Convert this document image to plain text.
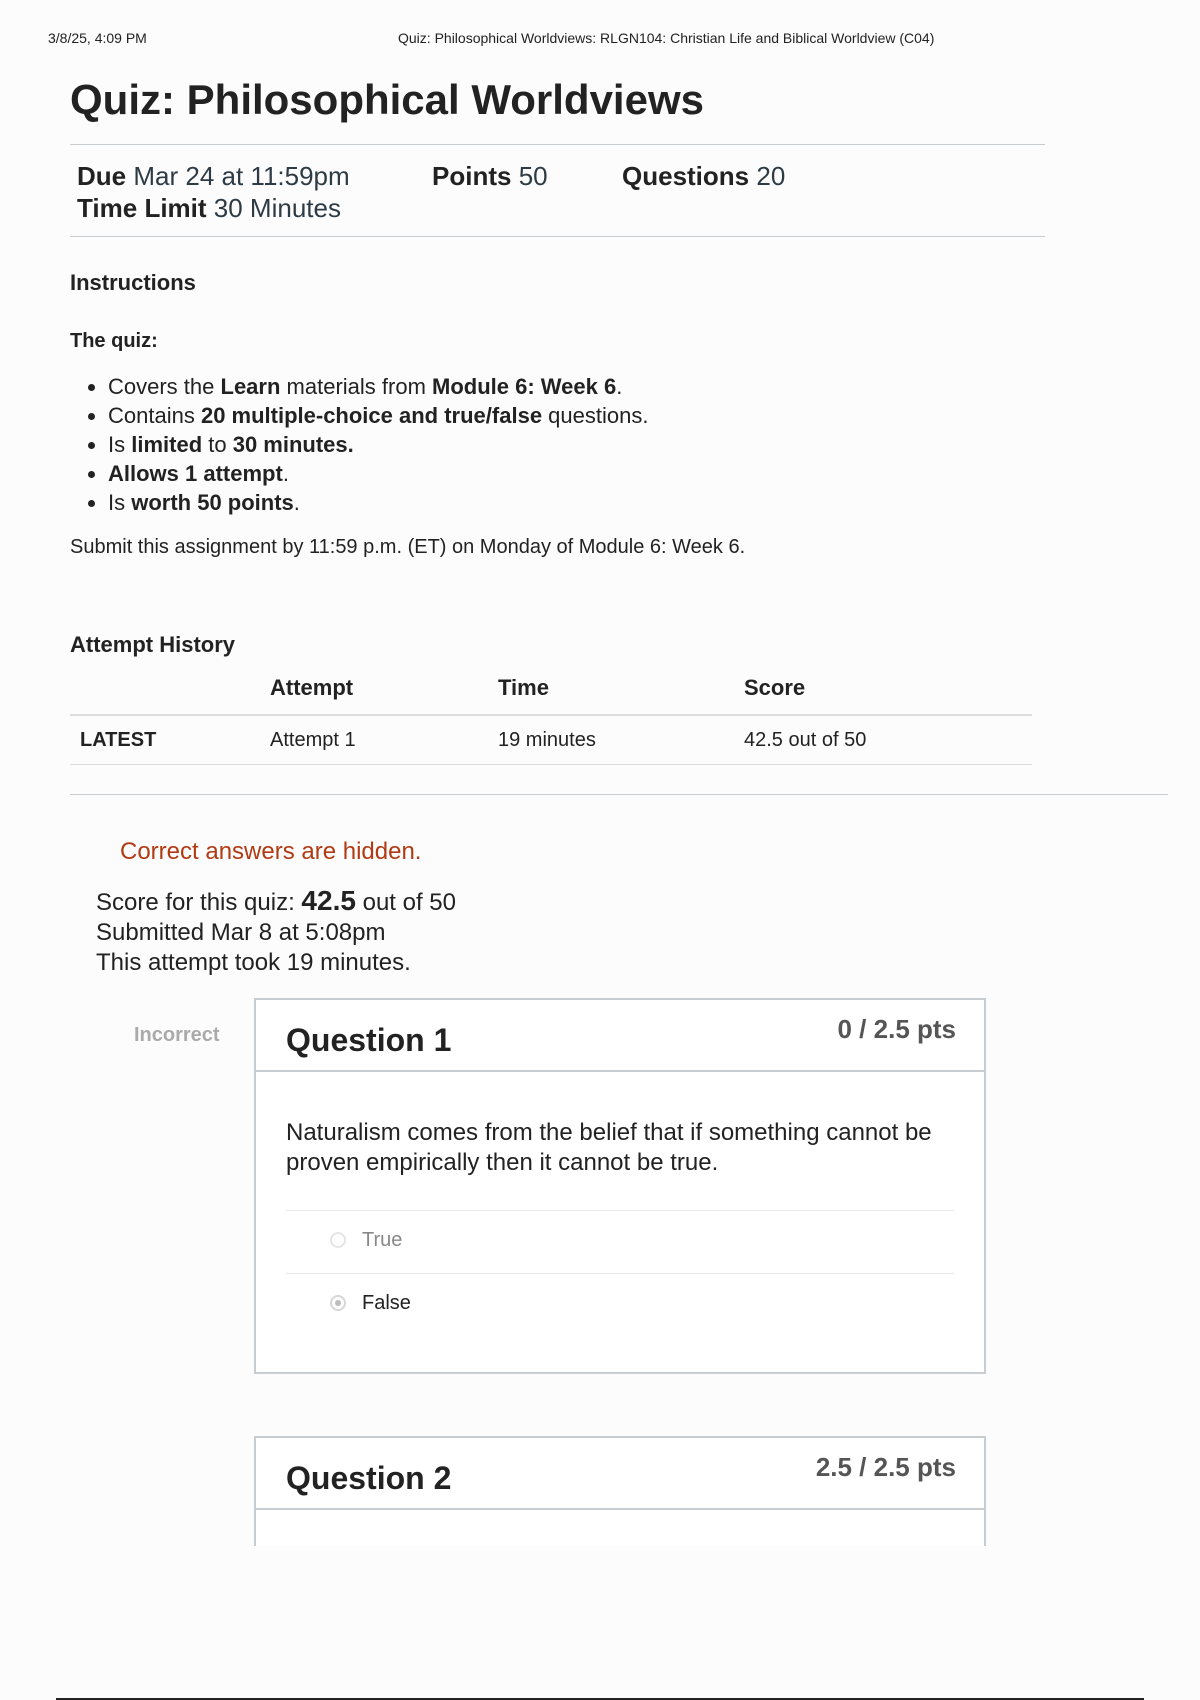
3/8/25, 4:09 PM	Quiz: Philosophical Worldviews: RLGN104: Christian Life and Biblical Worldview (C04)
Quiz: Philosophical Worldviews
Due Mar 24 at 11:59pm	Points 50	Questions 20
Time Limit 30 Minutes
Instructions
The quiz:
• Covers the Learn materials from Module 6: Week 6.
• Contains 20 multiple-choice and true/false questions.
• Is limited to 30 minutes.
• Allows 1 attempt.
• Is worth 50 points.
Submit this assignment by 11:59 p.m. (ET) on Monday of Module 6: Week 6.
Attempt History
	Attempt	Time	Score
LATEST	Attempt 1	19 minutes	42.5 out of 50
Correct answers are hidden.
Score for this quiz: 42.5 out of 50
Submitted Mar 8 at 5:08pm
This attempt took 19 minutes.
Incorrect Question 1	0 / 2.5 pts
Naturalism comes from the belief that if something cannot be proven empirically then it cannot be true.
True
False
Question 2	2.5 / 2.5 pts
